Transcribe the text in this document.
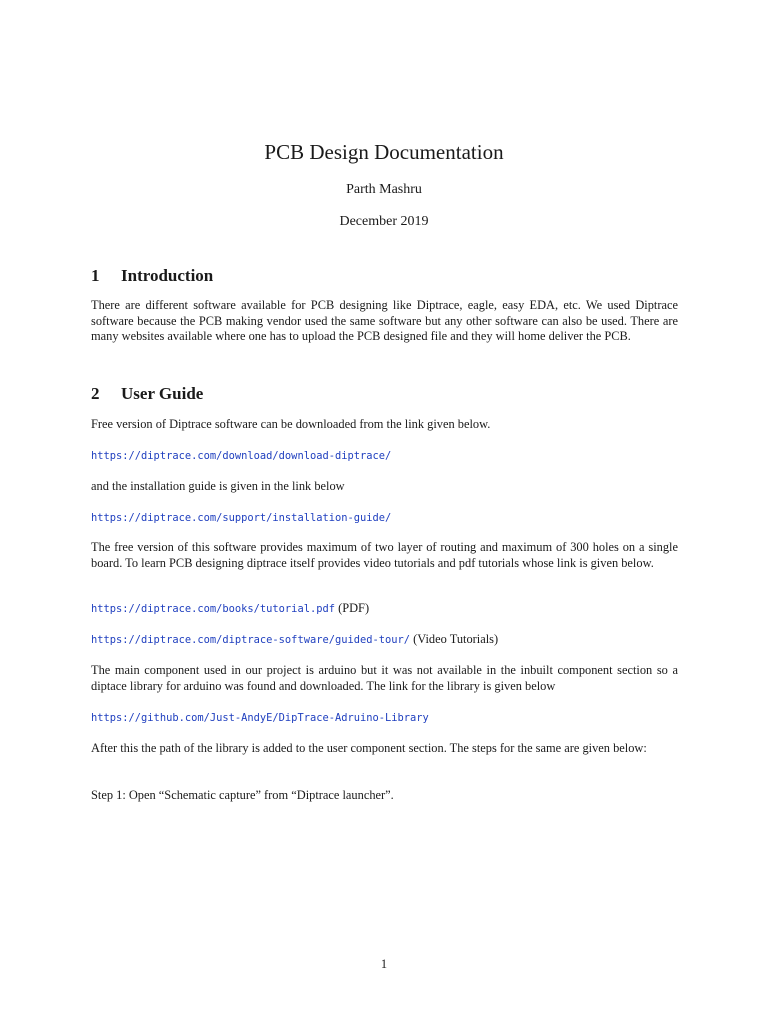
PCB Design Documentation
Parth Mashru
December 2019
1 Introduction
There are different software available for PCB designing like Diptrace, eagle, easy EDA, etc. We used Diptrace software because the PCB making vendor used the same software but any other software can also be used. There are many websites available where one has to upload the PCB designed file and they will home deliver the PCB.
2 User Guide
Free version of Diptrace software can be downloaded from the link given below.
https://diptrace.com/download/download-diptrace/
and the installation guide is given in the link below
https://diptrace.com/support/installation-guide/
The free version of this software provides maximum of two layer of routing and maximum of 300 holes on a single board. To learn PCB designing diptrace itself provides video tutorials and pdf tutorials whose link is given below.
https://diptrace.com/books/tutorial.pdf (PDF)
https://diptrace.com/diptrace-software/guided-tour/ (Video Tutorials)
The main component used in our project is arduino but it was not available in the inbuilt component section so a diptace library for arduino was found and downloaded. The link for the library is given below
https://github.com/Just-AndyE/DipTrace-Adruino-Library
After this the path of the library is added to the user component section. The steps for the same are given below:
Step 1: Open “Schematic capture” from “Diptrace launcher”.
1
